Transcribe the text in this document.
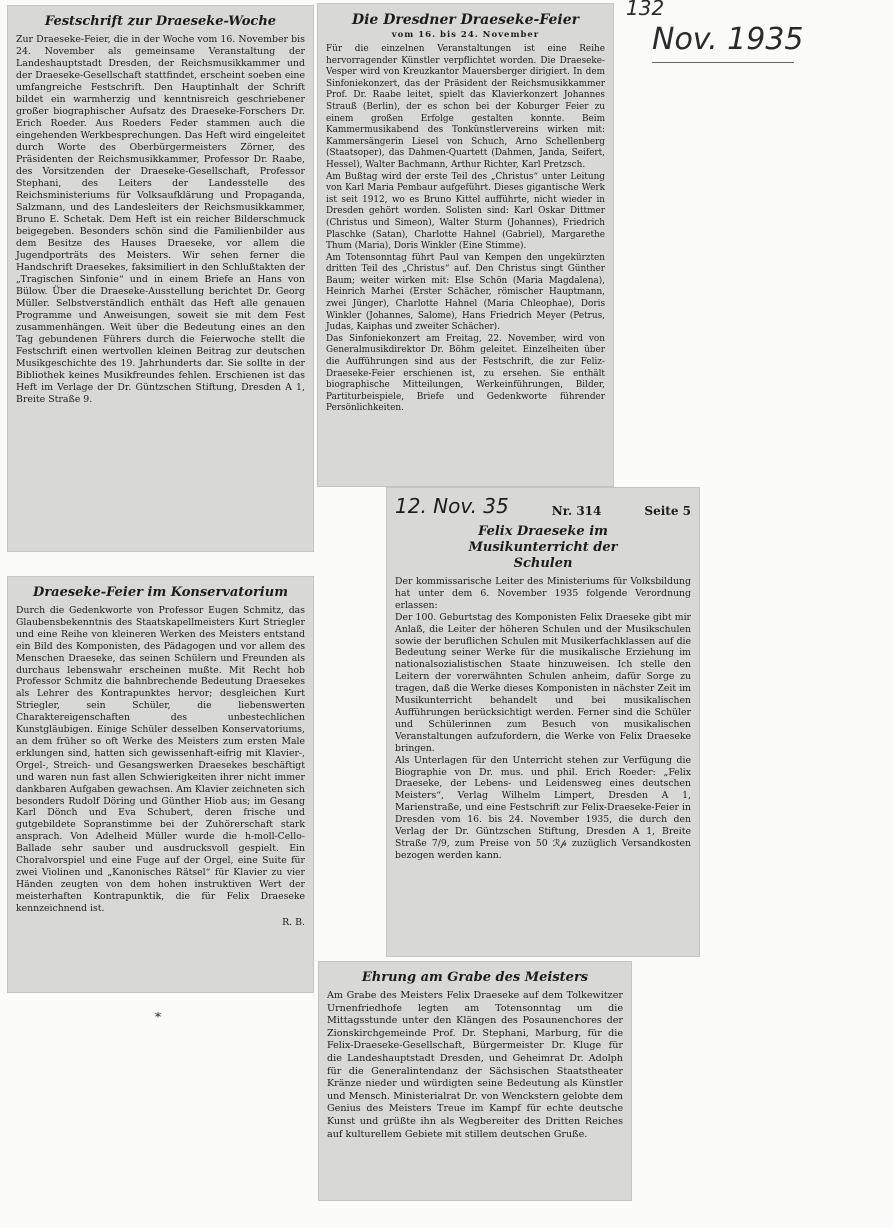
132
Nov. 1935
Festschrift zur Draeseke-Woche
Zur Draeseke-Feier, die in der Woche vom 16. November bis 24. November als gemeinsame Veranstaltung der Landeshauptstadt Dresden, der Reichsmusikkammer und der Draeseke-Gesellschaft stattfindet, erscheint soeben eine umfangreiche Festschrift. Den Hauptinhalt der Schrift bildet ein warmherzig und kenntnisreich geschriebener großer biographischer Aufsatz des Draeseke-Forschers Dr. Erich Roeder. Aus Roeders Feder stammen auch die eingehenden Werkbesprechungen. Das Heft wird eingeleitet durch Worte des Oberbürgermeisters Zörner, des Präsidenten der Reichsmusikkammer, Professor Dr. Raabe, des Vorsitzenden der Draeseke-Gesellschaft, Professor Stephani, des Leiters der Landesstelle des Reichsministeriums für Volksaufklärung und Propaganda, Salzmann, und des Landesleiters der Reichsmusikkammer, Bruno E. Schetak. Dem Heft ist ein reicher Bilderschmuck beigegeben. Besonders schön sind die Familienbilder aus dem Besitze des Hauses Draeseke, vor allem die Jugendporträts des Meisters. Wir sehen ferner die Handschrift Draesekes, faksimiliert in den Schlußtakten der „Tragischen Sinfonie“ und in einem Briefe an Hans von Bülow. Über die Draeseke-Ausstellung berichtet Dr. Georg Müller. Selbstverständlich enthält das Heft alle genauen Programme und Anweisungen, soweit sie mit dem Fest zusammenhängen. Weit über die Bedeutung eines an den Tag gebundenen Führers durch die Feierwoche stellt die Festschrift einen wertvollen kleinen Beitrag zur deutschen Musikgeschichte des 19. Jahrhunderts dar. Sie sollte in der Bibliothek keines Musikfreundes fehlen. Erschienen ist das Heft im Verlage der Dr. Güntzschen Stiftung, Dresden A 1, Breite Straße 9.
Die Dresdner Draeseke-Feier
vom 16. bis 24. November
Für die einzelnen Veranstaltungen ist eine Reihe hervorragender Künstler verpflichtet worden. Die Draeseke-Vesper wird von Kreuzkantor Mauersberger dirigiert. In dem Sinfoniekonzert, das der Präsident der Reichsmusikkammer Prof. Dr. Raabe leitet, spielt das Klavierkonzert Johannes Strauß (Berlin), der es schon bei der Koburger Feier zu einem großen Erfolge gestalten konnte. Beim Kammermusikabend des Tonkünstlervereins wirken mit: Kammersängerin Liesel von Schuch, Arno Schellenberg (Staatsoper), das Dahmen-Quartett (Dahmen, Janda, Seifert, Hessel), Walter Bachmann, Arthur Richter, Karl Pretzsch.
Am Bußtag wird der erste Teil des „Christus“ unter Leitung von Karl Maria Pembaur aufgeführt. Dieses gigantische Werk ist seit 1912, wo es Bruno Kittel aufführte, nicht wieder in Dresden gehört worden. Solisten sind: Karl Oskar Dittmer (Christus und Simeon), Walter Sturm (Johannes), Friedrich Plaschke (Satan), Charlotte Hahnel (Gabriel), Margarethe Thum (Maria), Doris Winkler (Eine Stimme).
Am Totensonntag führt Paul van Kempen den ungekürzten dritten Teil des „Christus“ auf. Den Christus singt Günther Baum; weiter wirken mit: Else Schön (Maria Magdalena), Heinrich Marhei (Erster Schächer, römischer Hauptmann, zwei Jünger), Charlotte Hahnel (Maria Chleophae), Doris Winkler (Johannes, Salome), Hans Friedrich Meyer (Petrus, Judas, Kaiphas und zweiter Schächer).
Das Sinfoniekonzert am Freitag, 22. November, wird von Generalmusikdirektor Dr. Böhm geleitet. Einzelheiten über die Aufführungen sind aus der Festschrift, die zur Feliz-Draeseke-Feier erschienen ist, zu ersehen. Sie enthält biographische Mitteilungen, Werkeinführungen, Bilder, Partiturbeispiele, Briefe und Gedenkworte führender Persönlichkeiten.
Draeseke-Feier im Konservatorium
Durch die Gedenkworte von Professor Eugen Schmitz, das Glaubensbekenntnis des Staatskapellmeisters Kurt Striegler und eine Reihe von kleineren Werken des Meisters entstand ein Bild des Komponisten, des Pädagogen und vor allem des Menschen Draeseke, das seinen Schülern und Freunden als durchaus lebenswahr erscheinen mußte. Mit Recht hob Professor Schmitz die bahnbrechende Bedeutung Draesekes als Lehrer des Kontrapunktes hervor; desgleichen Kurt Striegler, sein Schüler, die liebenswerten Charaktereigenschaften des unbestechlichen Kunstgläubigen. Einige Schüler desselben Konservatoriums, an dem früher so oft Werke des Meisters zum ersten Male erklungen sind, hatten sich gewissenhaft-eifrig mit Klavier-, Orgel-, Streich- und Gesangswerken Draesekes beschäftigt und waren nun fast allen Schwierigkeiten ihrer nicht immer dankbaren Aufgaben gewachsen. Am Klavier zeichneten sich besonders Rudolf Döring und Günther Hiob aus; im Gesang Karl Dönch und Eva Schubert, deren frische und gutgebildete Sopranstimme bei der Zuhörerschaft stark ansprach. Von Adelheid Müller wurde die h-moll-Cello-Ballade sehr sauber und ausdrucksvoll gespielt. Ein Choralvorspiel und eine Fuge auf der Orgel, eine Suite für zwei Violinen und „Kanonisches Rätsel“ für Klavier zu vier Händen zeugten von dem hohen instruktiven Wert der meisterhaften Kontrapunktik, die für Felix Draeseke kennzeichnend ist.
R. B.
*
12. Nov. 35	Nr. 314	Seite 5
Felix Draeseke im Musikunterricht der Schulen
Der kommissarische Leiter des Ministeriums für Volksbildung hat unter dem 6. November 1935 folgende Verordnung erlassen:
Der 100. Geburtstag des Komponisten Felix Draeseke gibt mir Anlaß, die Leiter der höheren Schulen und der Musikschulen sowie der beruflichen Schulen mit Musikerfachklassen auf die Bedeutung seiner Werke für die musikalische Erziehung im nationalsozialistischen Staate hinzuweisen. Ich stelle den Leitern der vorerwähnten Schulen anheim, dafür Sorge zu tragen, daß die Werke dieses Komponisten in nächster Zeit im Musikunterricht behandelt und bei musikalischen Aufführungen berücksichtigt werden. Ferner sind die Schüler und Schülerinnen zum Besuch von musikalischen Veranstaltungen aufzufordern, die Werke von Felix Draeseke bringen.
Als Unterlagen für den Unterricht stehen zur Verfügung die Biographie von Dr. mus. und phil. Erich Roeder: „Felix Draeseke, der Lebens- und Leidensweg eines deutschen Meisters“, Verlag Wilhelm Limpert, Dresden A 1, Marienstraße, und eine Festschrift zur Felix-Draeseke-Feier in Dresden vom 16. bis 24. November 1935, die durch den Verlag der Dr. Güntzschen Stiftung, Dresden A 1, Breite Straße 7/9, zum Preise von 50 ℛ𝓅 zuzüglich Versandkosten bezogen werden kann.
Ehrung am Grabe des Meisters
Am Grabe des Meisters Felix Draeseke auf dem Tolkewitzer Urnenfriedhofe legten am Totensonntag um die Mittagsstunde unter den Klängen des Posaunenchores der Zionskirchgemeinde Prof. Dr. Stephani, Marburg, für die Felix-Draeseke-Gesellschaft, Bürgermeister Dr. Kluge für die Landeshauptstadt Dresden, und Geheimrat Dr. Adolph für die Generalintendanz der Sächsischen Staatstheater Kränze nieder und würdigten seine Bedeutung als Künstler und Mensch. Ministerialrat Dr. von Wenckstern gelobte dem Genius des Meisters Treue im Kampf für echte deutsche Kunst und grüßte ihn als Wegbereiter des Dritten Reiches auf kulturellem Gebiete mit stillem deutschen Gruße.
